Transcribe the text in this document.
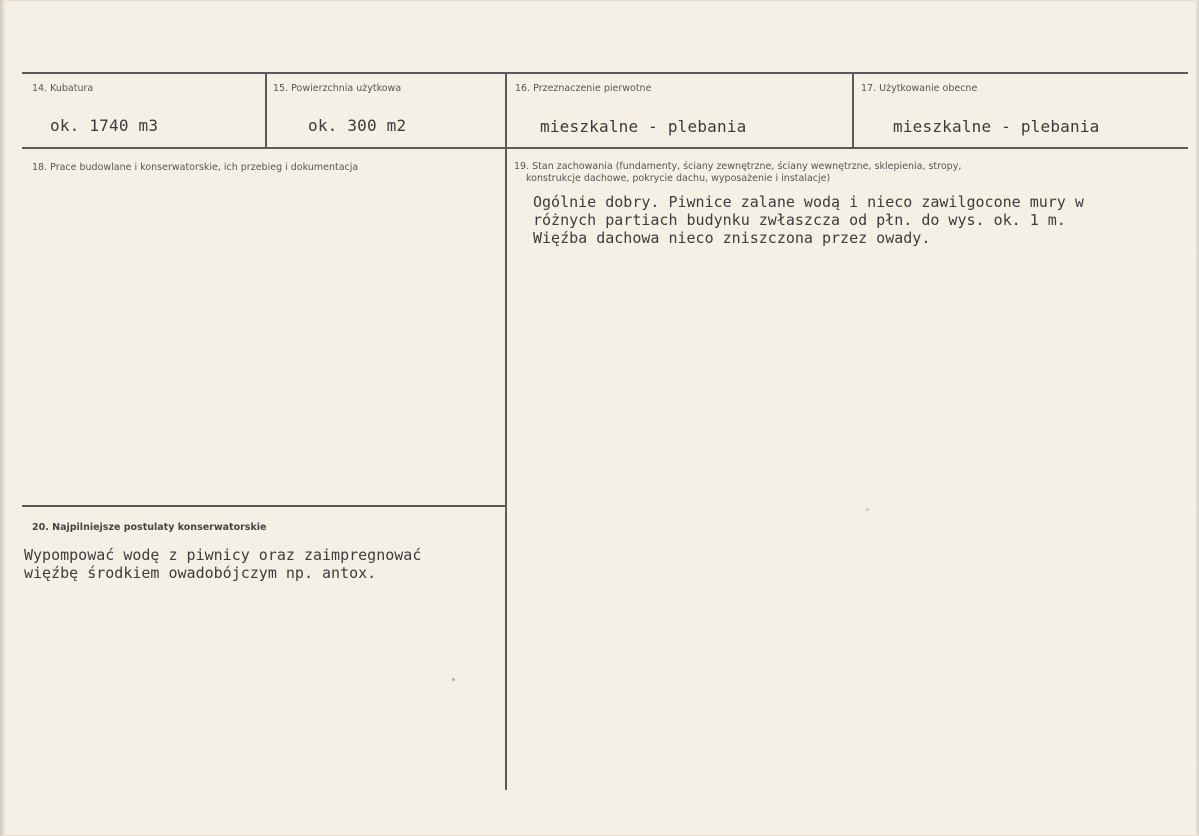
14. Kubatura
ok. 1740 m3
15. Powierzchnia użytkowa
ok. 300 m2
16. Przeznaczenie pierwotne
mieszkalne - plebania
17. Użytkowanie obecne
mieszkalne - plebania
18. Prace budowlane i konserwatorskie, ich przebieg i dokumentacja	19. Stan zachowania (fundamenty, ściany zewnętrzne, ściany wewnętrzne, sklepienia, stropy,
konstrukcje dachowe, pokrycie dachu, wyposażenie i instalacje)
Ogólnie dobry. Piwnice zalane wodą i nieco zawilgocone mury w
różnych partiach budynku zwłaszcza od płn. do wys. ok. 1 m.
Więźba dachowa nieco zniszczona przez owady.
20. Najpilniejsze postulaty konserwatorskie
Wypompować wodę z piwnicy oraz zaimpregnować
więźbę środkiem owadobójczym np. antox.
